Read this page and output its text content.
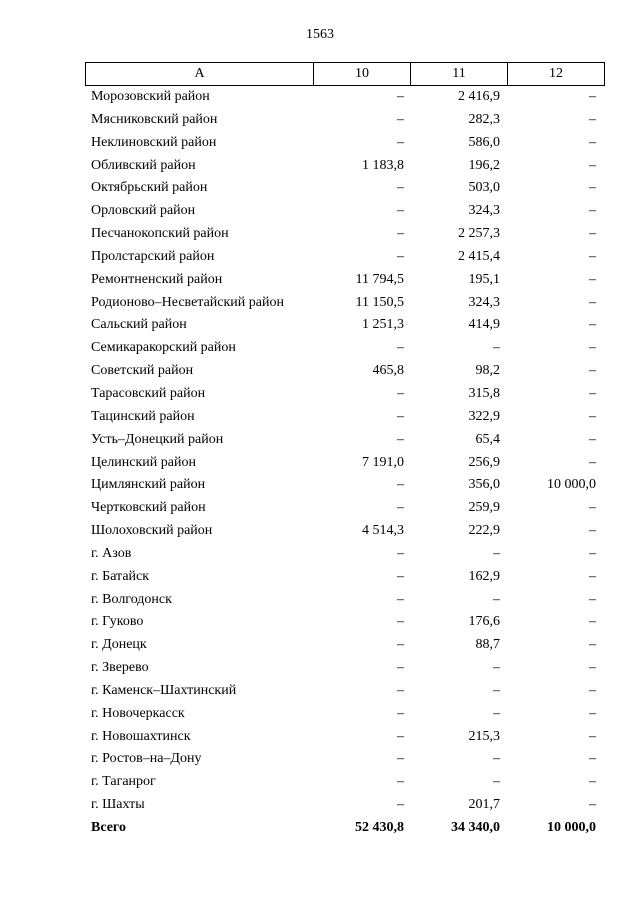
1563
A	10	11	12
Морозовский район	–	2 416,9	–
Мясниковский район	–	282,3	–
Неклиновский район	–	586,0	–
Обливский район	1 183,8	196,2	–
Октябрьский район	–	503,0	–
Орловский район	–	324,3	–
Песчанокопский район	–	2 257,3	–
Пролстарский район	–	2 415,4	–
Ремонтненский район	11 794,5	195,1	–
Родионово–Несветайский район	11 150,5	324,3	–
Сальский район	1 251,3	414,9	–
Семикаракорский район	–	–	–
Советский район	465,8	98,2	–
Тарасовский район	–	315,8	–
Тацинский район	–	322,9	–
Усть–Донецкий район	–	65,4	–
Целинский район	7 191,0	256,9	–
Цимлянский район	–	356,0	10 000,0
Чертковский район	–	259,9	–
Шолоховский район	4 514,3	222,9	–
г. Азов	–	–	–
г. Батайск	–	162,9	–
г. Волгодонск	–	–	–
г. Гуково	–	176,6	–
г. Донецк	–	88,7	–
г. Зверево	–	–	–
г. Каменск–Шахтинский	–	–	–
г. Новочеркасск	–	–	–
г. Новошахтинск	–	215,3	–
г. Ростов–на–Дону	–	–	–
г. Таганрог	–	–	–
г. Шахты	–	201,7	–
Всего	52 430,8	34 340,0	10 000,0
